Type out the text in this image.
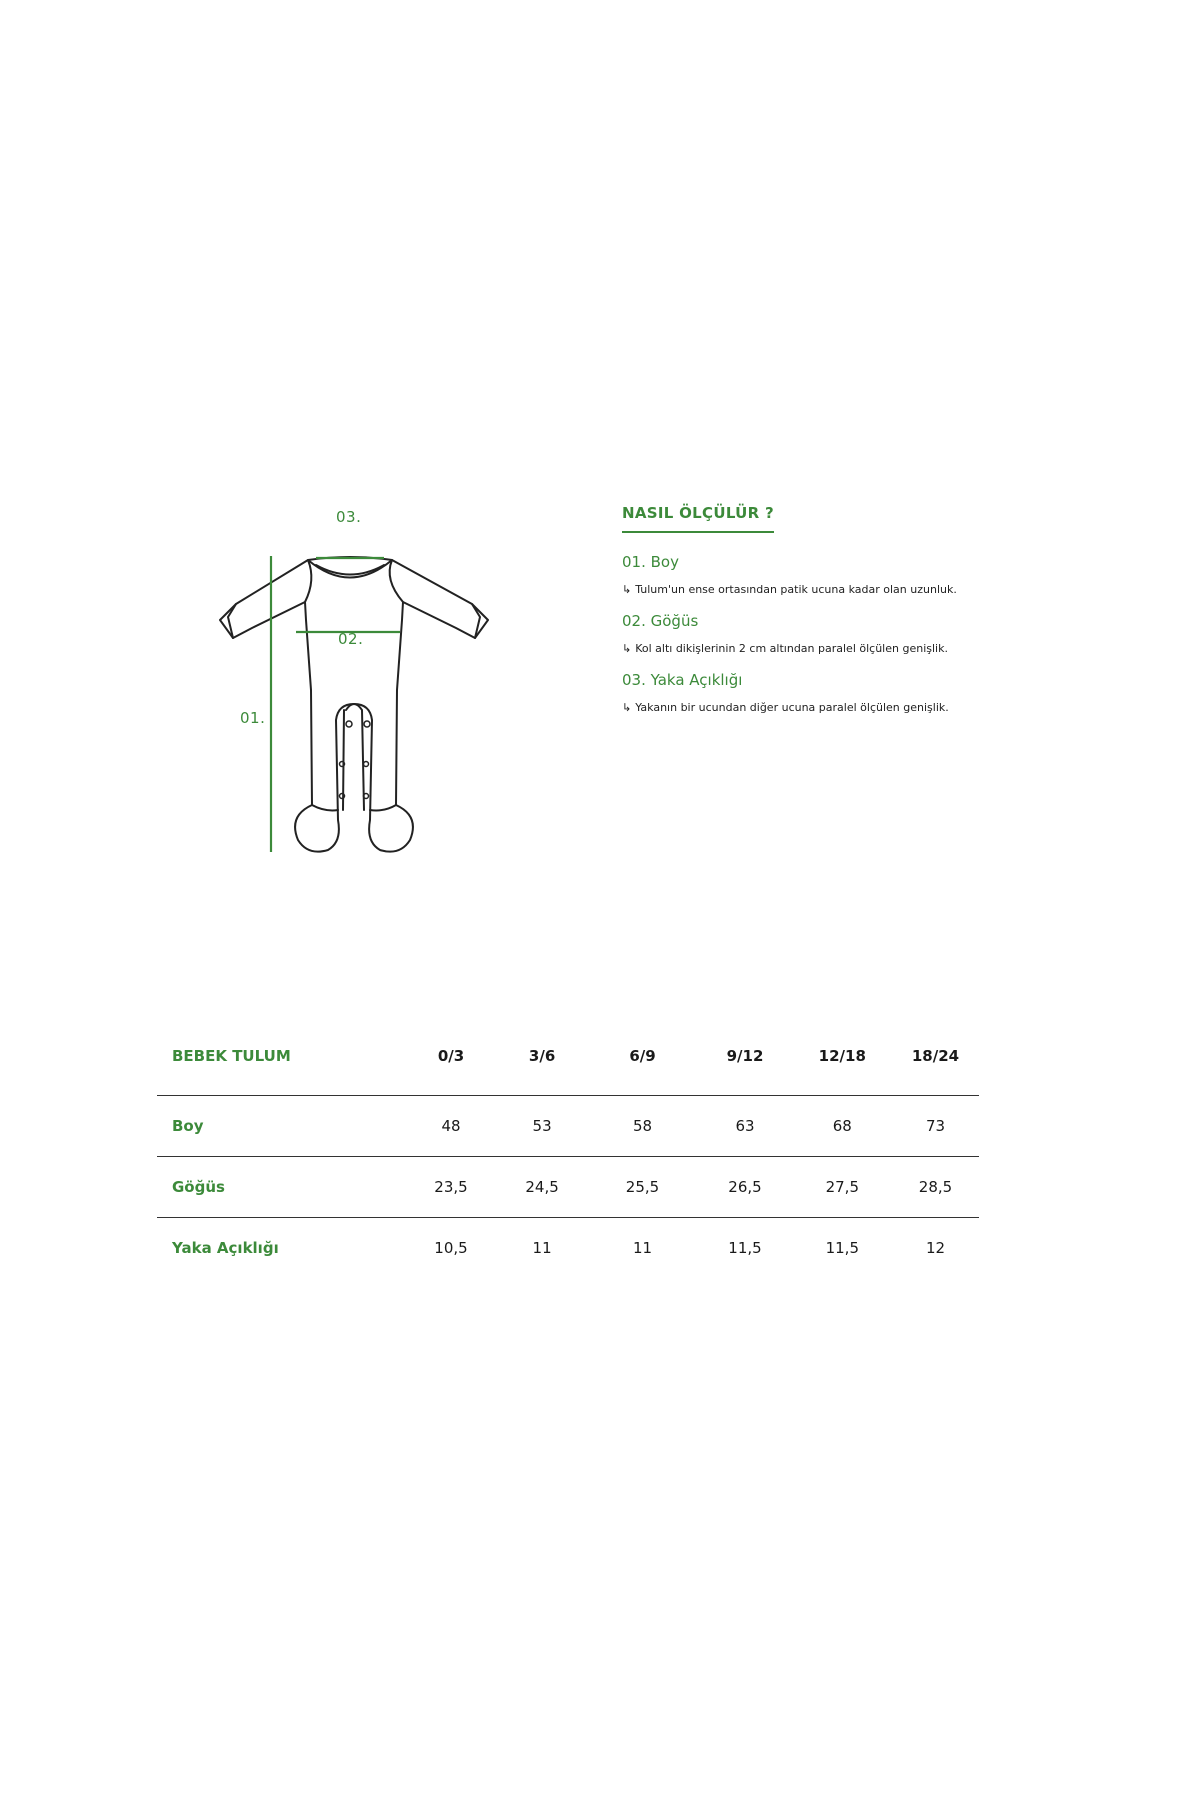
03.
02.
01.
NASIL ÖLÇÜLÜR ?

01. Boy

↳ Tulum'un ense ortasından patik ucuna kadar olan uzunluk.

02. Göğüs

↳ Kol altı dikişlerinin 2 cm altından paralel ölçülen genişlik.

03. Yaka Açıklığı

↳ Yakanın bir ucundan diğer ucuna paralel ölçülen genişlik.

BEBEK TULUM	0/3	3/6	6/9	9/12	12/18	18/24
Boy	48	53	58	63	68	73
Göğüs	23,5	24,5	25,5	26,5	27,5	28,5
Yaka Açıklığı	10,5	11	11	11,5	11,5	12
